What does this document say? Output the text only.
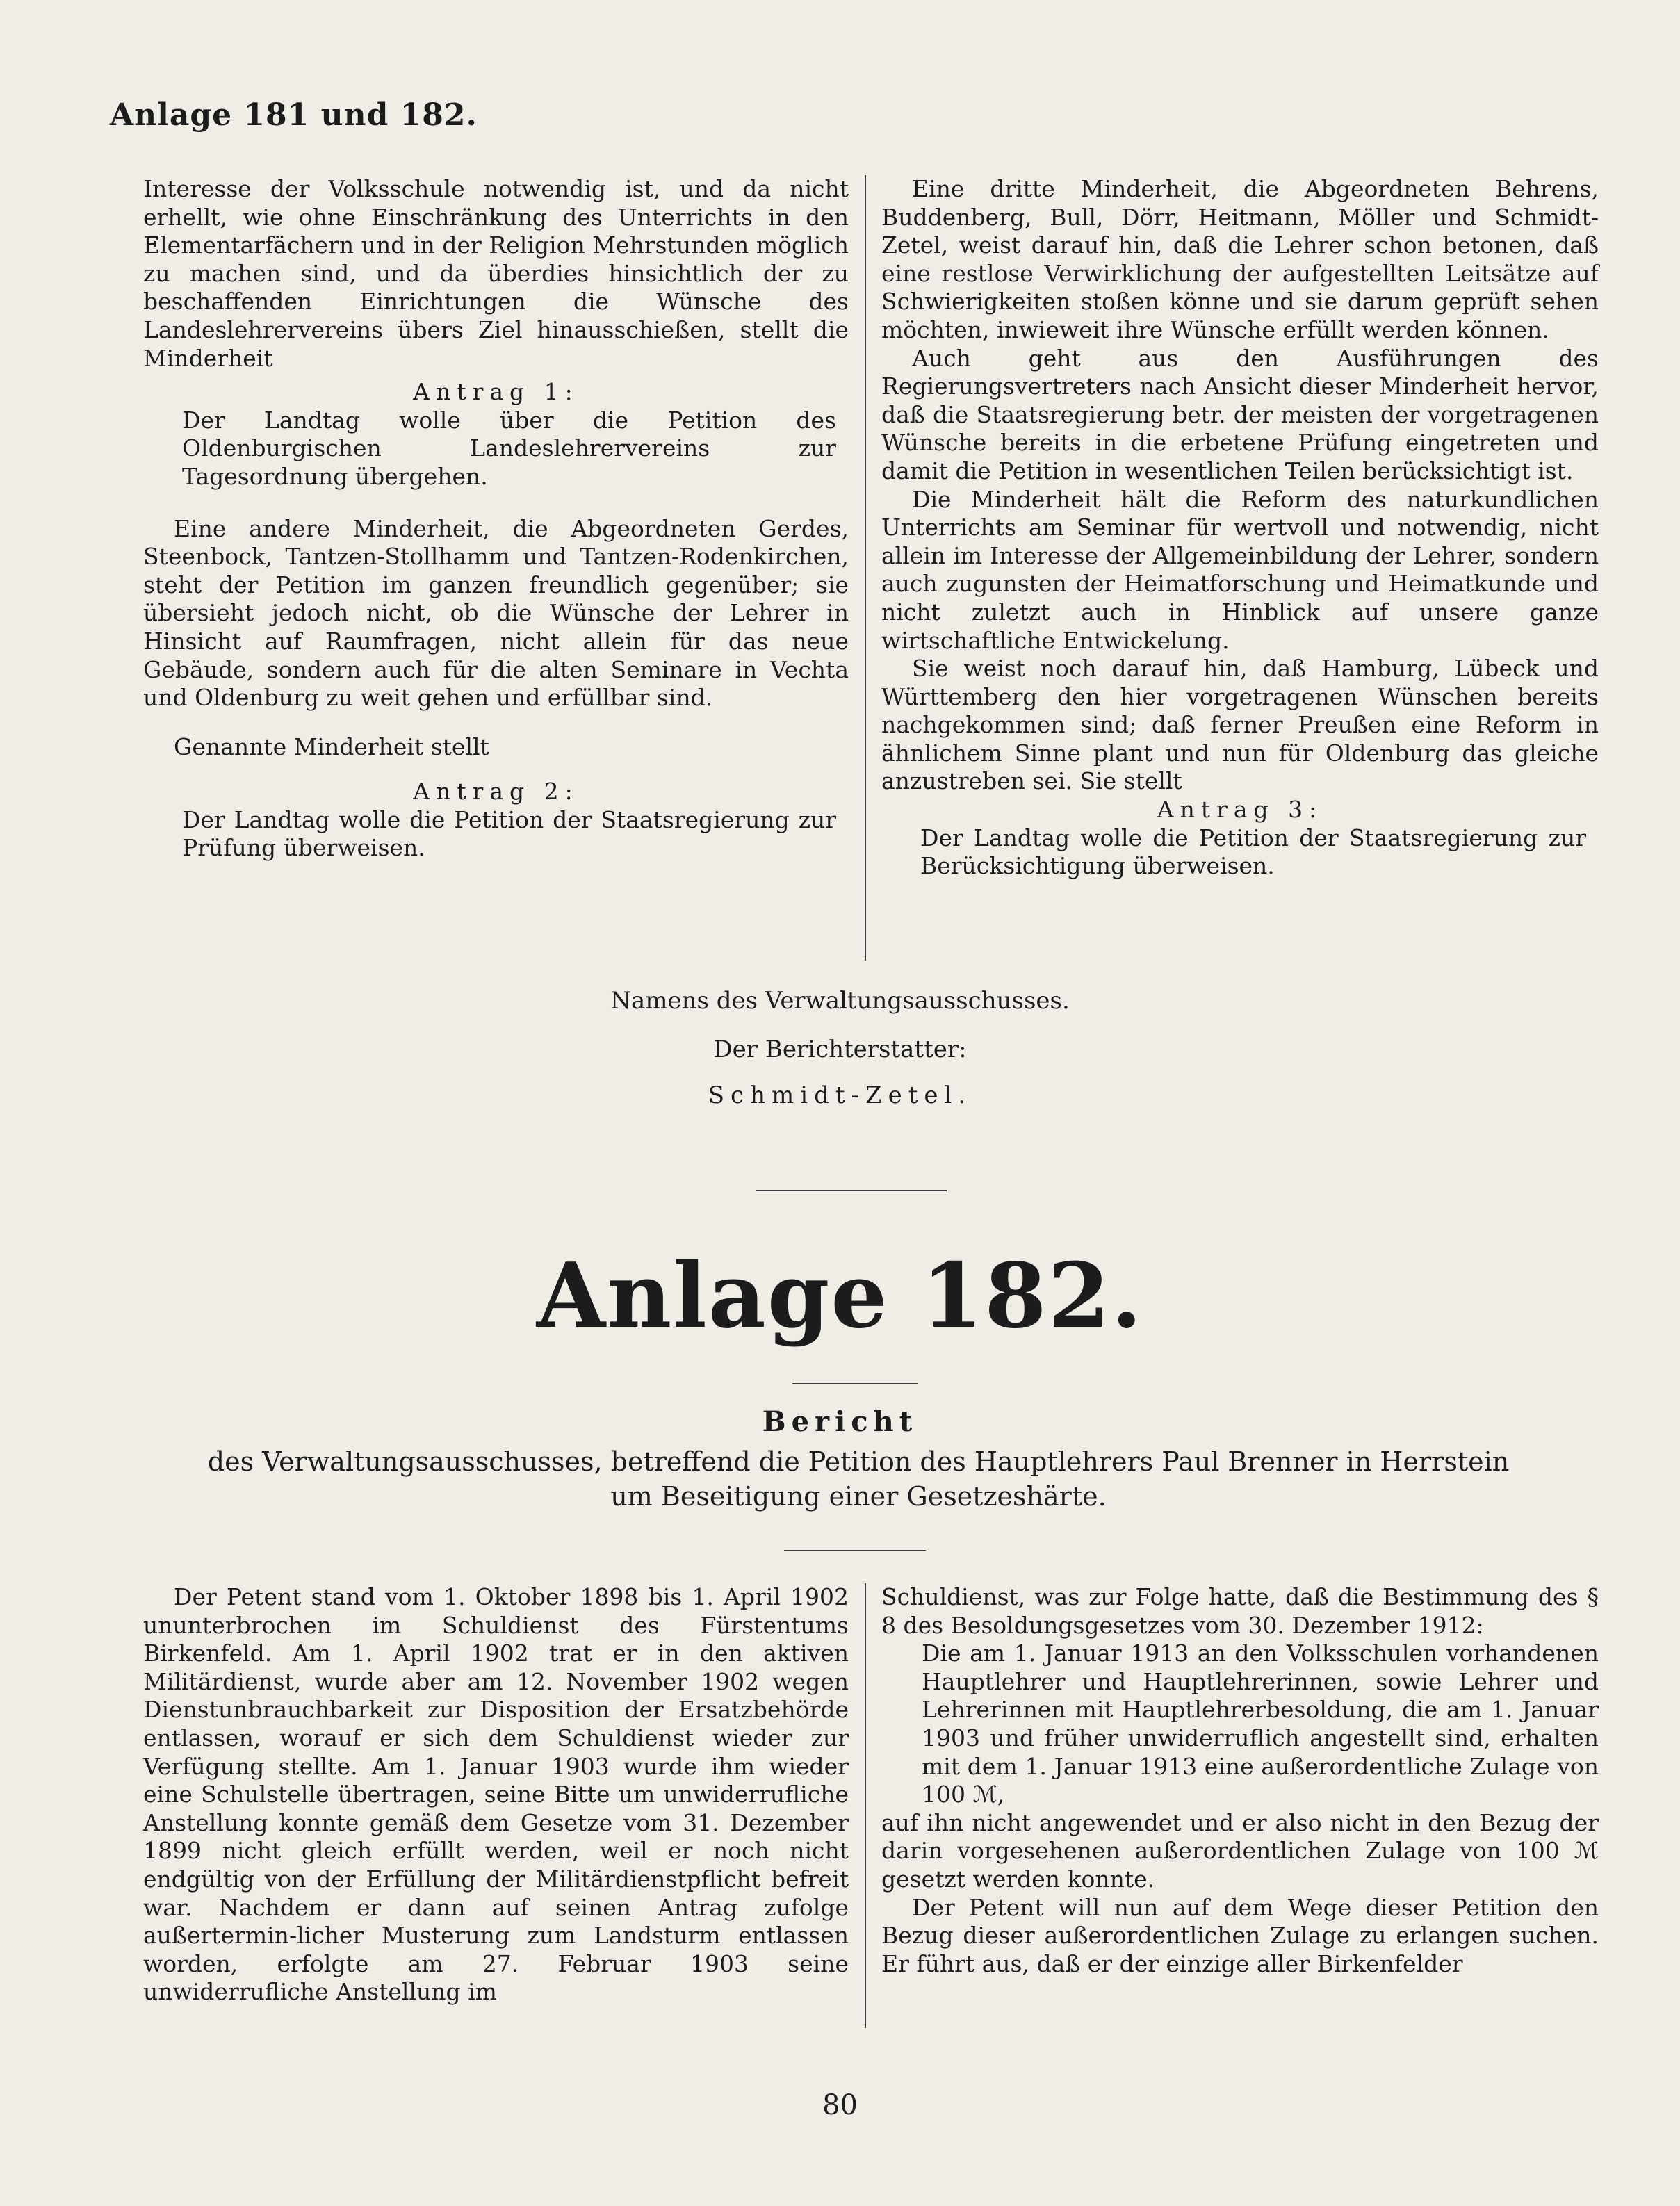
Anlage 181 und 182.

Interesse der Volksschule notwendig ist, und da nicht erhellt, wie ohne Einschränkung des Unterrichts in den Elementarfächern und in der Religion Mehrstunden möglich zu machen sind, und da überdies hinsichtlich der zu beschaffenden Einrichtungen die Wünsche des Landeslehrervereins übers Ziel hinausschießen, stellt die Minderheit

Antrag 1:

Der Landtag wolle über die Petition des Oldenburgischen Landeslehrervereins zur Tagesordnung übergehen.

Eine andere Minderheit, die Abgeordneten Gerdes, Steenbock, Tantzen-Stollhamm und Tantzen-Rodenkirchen, steht der Petition im ganzen freundlich gegenüber; sie übersieht jedoch nicht, ob die Wünsche der Lehrer in Hinsicht auf Raumfragen, nicht allein für das neue Gebäude, sondern auch für die alten Seminare in Vechta und Oldenburg zu weit gehen und erfüllbar sind.

Genannte Minderheit stellt

Antrag 2:

Der Landtag wolle die Petition der Staatsregierung zur Prüfung überweisen.

Eine dritte Minderheit, die Abgeordneten Behrens, Buddenberg, Bull, Dörr, Heitmann, Möller und Schmidt-Zetel, weist darauf hin, daß die Lehrer schon betonen, daß eine restlose Verwirklichung der aufgestellten Leitsätze auf Schwierigkeiten stoßen könne und sie darum geprüft sehen möchten, inwieweit ihre Wünsche erfüllt werden können.

Auch geht aus den Ausführungen des Regierungsvertreters nach Ansicht dieser Minderheit hervor, daß die Staatsregierung betr. der meisten der vorgetragenen Wünsche bereits in die erbetene Prüfung eingetreten und damit die Petition in wesentlichen Teilen berücksichtigt ist.

Die Minderheit hält die Reform des naturkundlichen Unterrichts am Seminar für wertvoll und notwendig, nicht allein im Interesse der Allgemeinbildung der Lehrer, sondern auch zugunsten der Heimatforschung und Heimatkunde und nicht zuletzt auch in Hinblick auf unsere ganze wirtschaftliche Entwickelung.

Sie weist noch darauf hin, daß Hamburg, Lübeck und Württemberg den hier vorgetragenen Wünschen bereits nachgekommen sind; daß ferner Preußen eine Reform in ähnlichem Sinne plant und nun für Oldenburg das gleiche anzustreben sei. Sie stellt

Antrag 3:

Der Landtag wolle die Petition der Staatsregierung zur Berücksichtigung überweisen.

Namens des Verwaltungsausschusses.
Der Berichterstatter:
Schmidt-Zetel.
Anlage 182.
Bericht
des Verwaltungsausschusses, betreffend die Petition des Hauptlehrers Paul Brenner in Herrstein
um Beseitigung einer Gesetzeshärte.

Der Petent stand vom 1. Oktober 1898 bis 1. April 1902 ununterbrochen im Schuldienst des Fürstentums Birkenfeld. Am 1. April 1902 trat er in den aktiven Militärdienst, wurde aber am 12. November 1902 wegen Dienstunbrauchbarkeit zur Disposition der Ersatzbehörde entlassen, worauf er sich dem Schuldienst wieder zur Verfügung stellte. Am 1. Januar 1903 wurde ihm wieder eine Schulstelle übertragen, seine Bitte um unwiderrufliche Anstellung konnte gemäß dem Gesetze vom 31. Dezember 1899 nicht gleich erfüllt werden, weil er noch nicht endgültig von der Erfüllung der Militärdienstpflicht befreit war. Nachdem er dann auf seinen Antrag zufolge außertermin-licher Musterung zum Landsturm entlassen worden, erfolgte am 27. Februar 1903 seine unwiderrufliche Anstellung im

Schuldienst, was zur Folge hatte, daß die Bestimmung des § 8 des Besoldungsgesetzes vom 30. Dezember 1912:

Die am 1. Januar 1913 an den Volksschulen vorhandenen Hauptlehrer und Hauptlehrerinnen, sowie Lehrer und Lehrerinnen mit Hauptlehrerbesoldung, die am 1. Januar 1903 und früher unwiderruflich angestellt sind, erhalten mit dem 1. Januar 1913 eine außerordentliche Zulage von 100 ℳ,

auf ihn nicht angewendet und er also nicht in den Bezug der darin vorgesehenen außerordentlichen Zulage von 100 ℳ gesetzt werden konnte.

Der Petent will nun auf dem Wege dieser Petition den Bezug dieser außerordentlichen Zulage zu erlangen suchen. Er führt aus, daß er der einzige aller Birkenfelder

80
